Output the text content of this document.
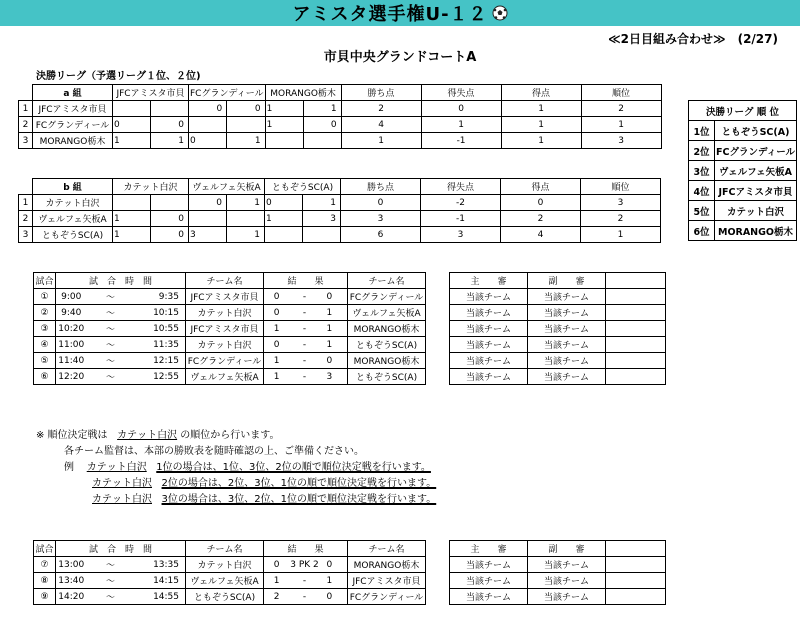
アミスタ選手権U-１２
≪2日目組み合わせ≫　(2/27)
市貝中央グランドコートA
決勝リーグ（予選リーグ１位、２位)
	a 組	JFCアミスタ市貝		FCグランディール		MORANGO栃木		勝ち点	得失点	得点	順位
1	JFCアミスタ市貝			0	0	1	1	2	0	1	2
2	FCグランディール	0	0			1	0	4	1	1	1
3	MORANGO栃木	1	1	0	1			1	-1	1	3
	b 組	カテット白沢		ヴェルフェ矢板A		ともぞうSC(A)		勝ち点	得失点	得点	順位
1	カテット白沢			0	1	0	1	0	-2	0	3
2	ヴェルフェ矢板A	1	0			1	3	3	-1	2	2
3	ともぞうSC(A)	1	0	3	1			6	3	4	1
決勝リーグ 順 位	
1位	ともぞうSC(A)
2位	FCグランディール
3位	ヴェルフェ矢板A
4位	JFCアミスタ市貝
5位	カテット白沢
6位	MORANGO栃木
試合	試　合　時　間			チーム名	結　　果			チーム名		主　　審	副　　審	
①	9:00	～	9:35	JFCアミスタ市貝	0	-	0	FCグランディール		当該チーム	当該チーム	
②	9:40	～	10:15	カテット白沢	0	-	1	ヴェルフェ矢板A		当該チーム	当該チーム	
③	10:20	～	10:55	JFCアミスタ市貝	1	-	1	MORANGO栃木		当該チーム	当該チーム	
④	11:00	～	11:35	カテット白沢	0	-	1	ともぞうSC(A)		当該チーム	当該チーム	
⑤	11:40	～	12:15	FCグランディール	1	-	0	MORANGO栃木		当該チーム	当該チーム	
⑥	12:20	～	12:55	ヴェルフェ矢板A	1	-	3	ともぞうSC(A)		当該チーム	当該チーム	
※ 順位決定戦は カテット白沢 の順位から行います。
各チーム監督は、本部の勝敗表を随時確認の上、ご準備ください。
例 カテット白沢 1位の場合は、1位、3位、2位の順で順位決定戦を行います。
カテット白沢 2位の場合は、2位、3位、1位の順で順位決定戦を行います。
カテット白沢 3位の場合は、3位、2位、1位の順で順位決定戦を行います。
試合	試　合　時　間			チーム名	結　　果			チーム名		主　　審	副　　審	
⑦	13:00	～	13:35	カテット白沢	0	3 PK 2	0	MORANGO栃木		当該チーム	当該チーム	
⑧	13:40	～	14:15	ヴェルフェ矢板A	1	-	1	JFCアミスタ市貝		当該チーム	当該チーム	
⑨	14:20	～	14:55	ともぞうSC(A)	2	-	0	FCグランディール		当該チーム	当該チーム	
